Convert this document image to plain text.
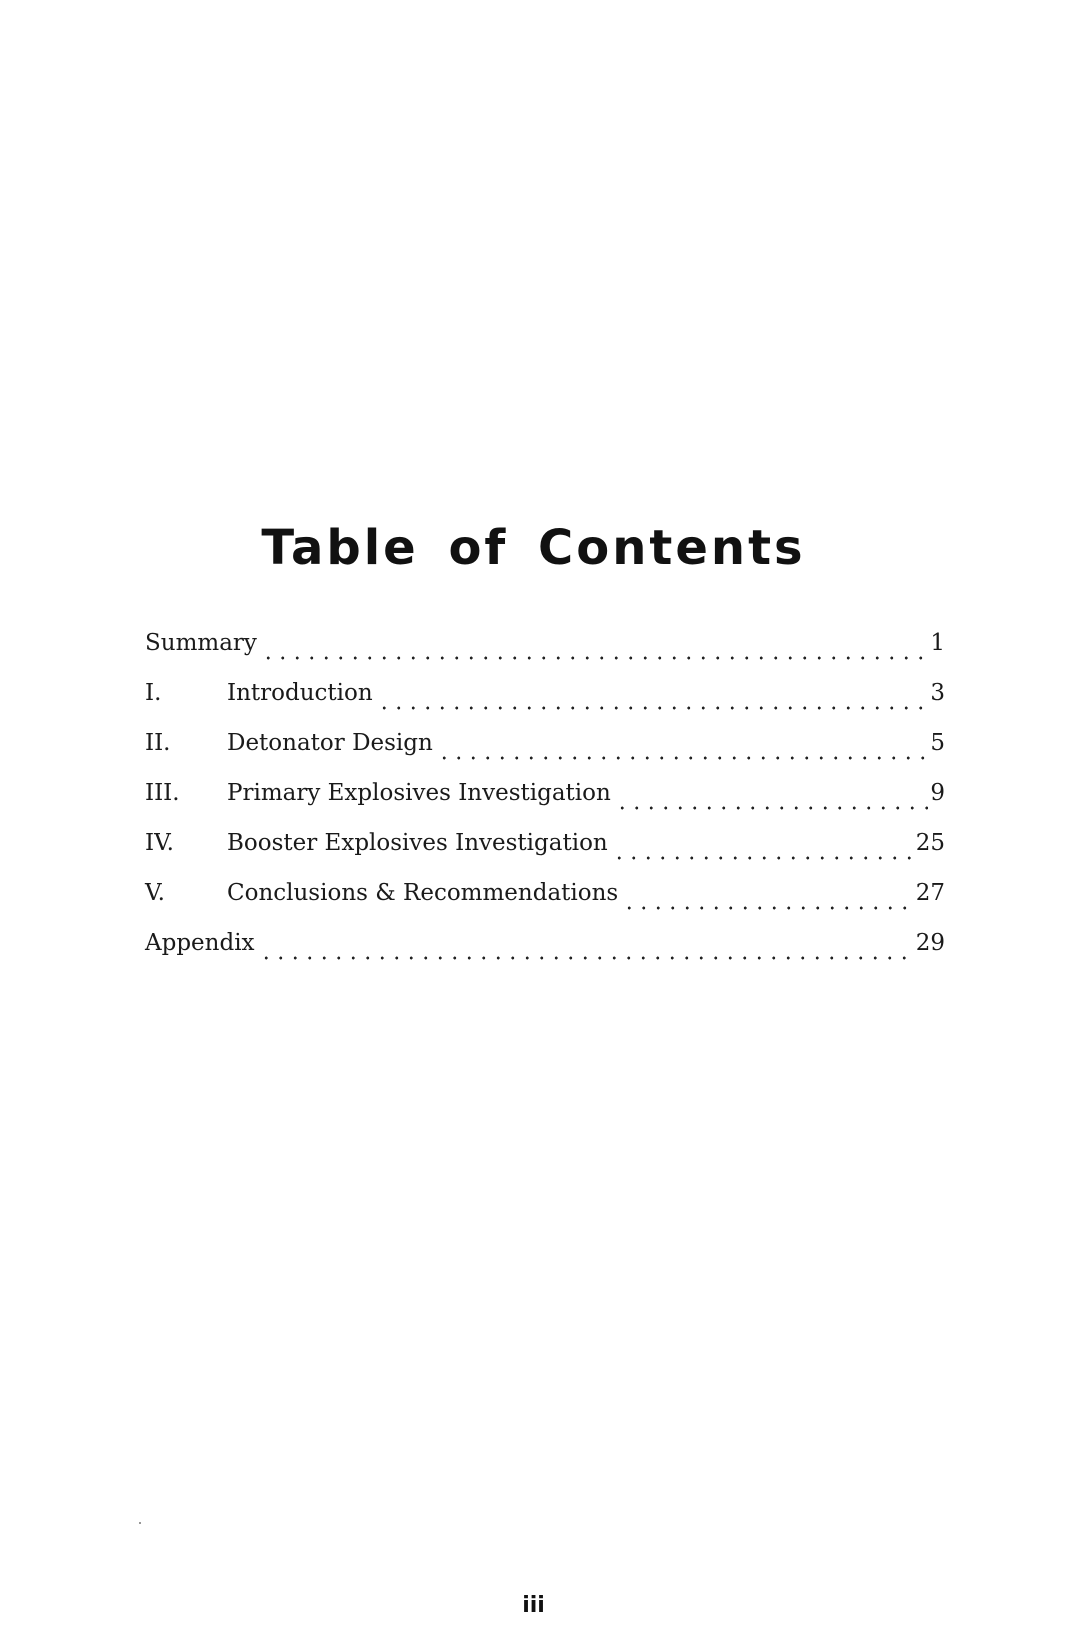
Table of Contents
Summary	1
I.	Introduction	3
II.	Detonator Design	5
III.	Primary Explosives Investigation	9
IV.	Booster Explosives Investigation	25
V.	Conclusions & Recommendations	27
Appendix	29
iii
